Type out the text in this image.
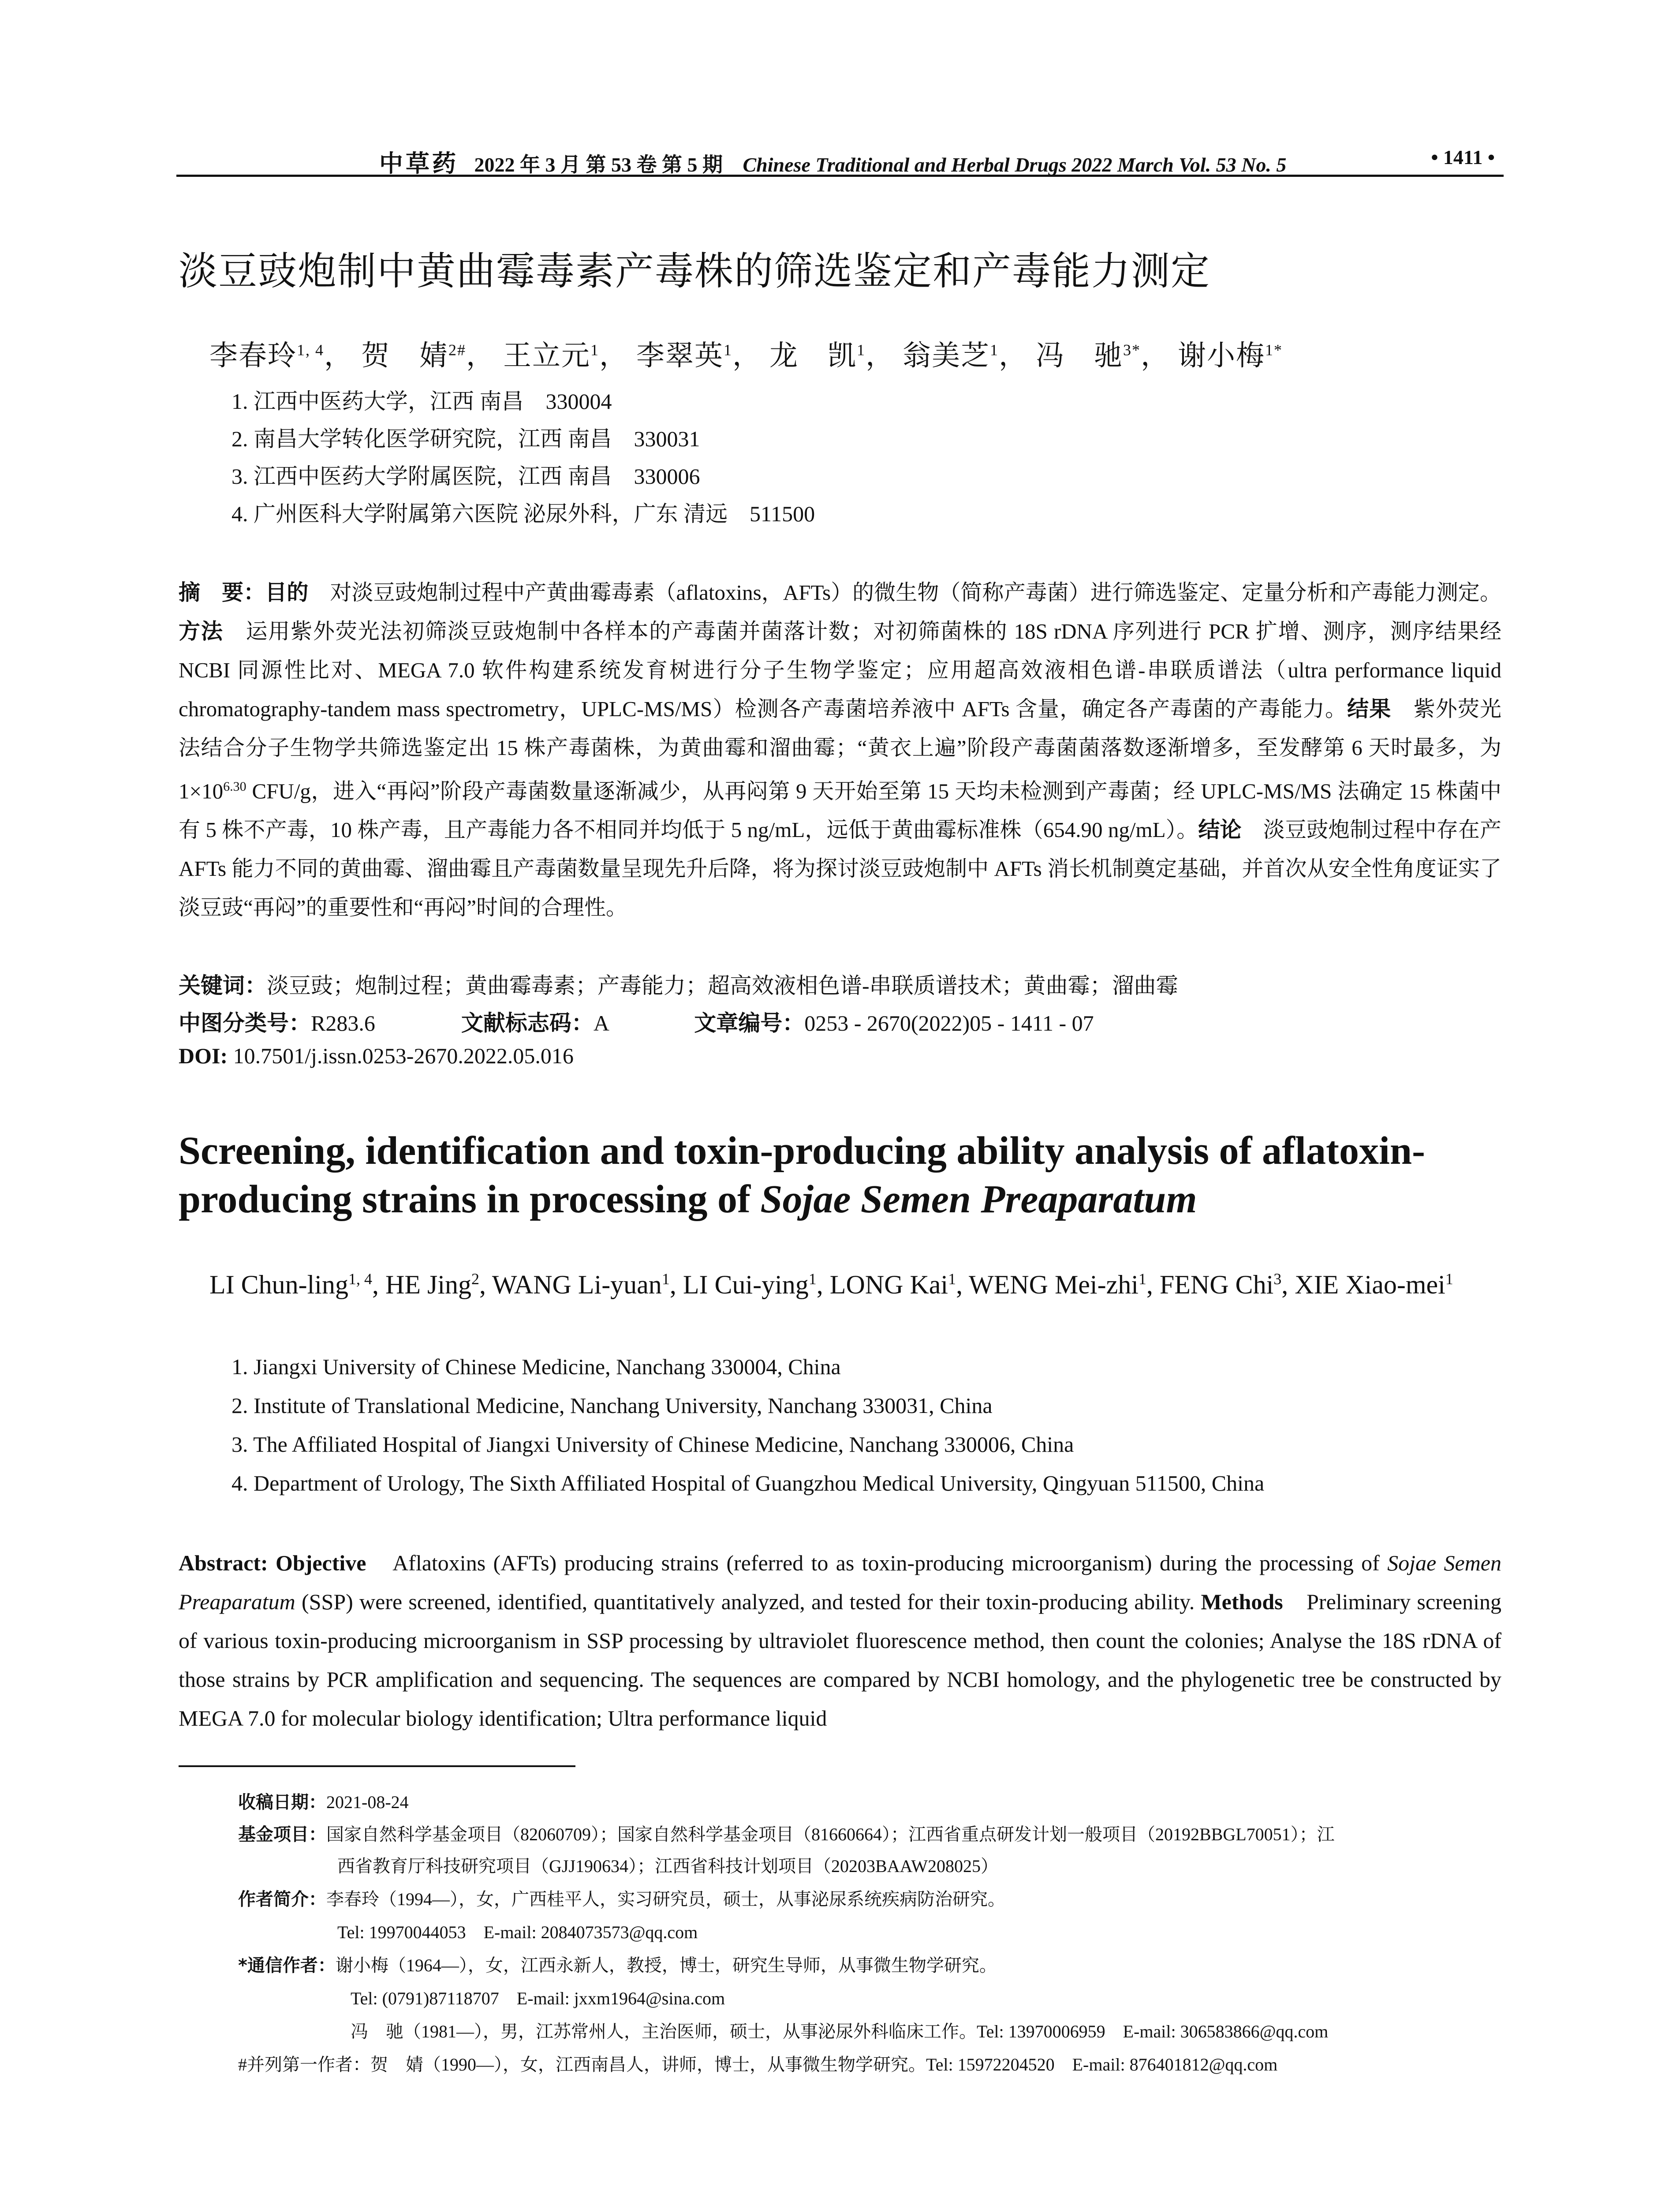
中草药 2022 年 3 月 第 53 卷 第 5 期 Chinese Traditional and Herbal Drugs 2022 March Vol. 53 No. 5	• 1411 •
淡豆豉炮制中黄曲霉毒素产毒株的筛选鉴定和产毒能力测定
李春玲$^{1, 4}$， 贺　婧$^{2\#}$， 王立元$^1$， 李翠英$^1$， 龙　凯$^1$， 翁美芝$^1$， 冯　驰$^{3*}$， 谢小梅$^{1*}$
1. 江西中医药大学，江西 南昌　330004
2. 南昌大学转化医学研究院，江西 南昌　330031
3. 江西中医药大学附属医院，江西 南昌　330006
4. 广州医科大学附属第六医院 泌尿外科，广东 清远　511500
摘　要：目的　对淡豆豉炮制过程中产黄曲霉毒素（aflatoxins，AFTs）的微生物（简称产毒菌）进行筛选鉴定、定量分析和产毒能力测定。方法　运用紫外荧光法初筛淡豆豉炮制中各样本的产毒菌并菌落计数；对初筛菌株的 18S rDNA 序列进行 PCR 扩增、测序，测序结果经 NCBI 同源性比对、MEGA 7.0 软件构建系统发育树进行分子生物学鉴定；应用超高效液相色谱-串联质谱法（ultra performance liquid chromatography-tandem mass spectrometry，UPLC-MS/MS）检测各产毒菌培养液中 AFTs 含量，确定各产毒菌的产毒能力。结果　紫外荧光法结合分子生物学共筛选鉴定出 15 株产毒菌株，为黄曲霉和溜曲霉；“黄衣上遍”阶段产毒菌菌落数逐渐增多，至发酵第 6 天时最多，为 $1\times 10^{6.30}$ CFU/g，进入“再闷”阶段产毒菌数量逐渐减少，从再闷第 9 天开始至第 15 天均未检测到产毒菌；经 UPLC-MS/MS 法确定 15 株菌中有 5 株不产毒，10 株产毒，且产毒能力各不相同并均低于 5 ng/mL，远低于黄曲霉标准株（654.90 ng/mL）。结论　淡豆豉炮制过程中存在产 AFTs 能力不同的黄曲霉、溜曲霉且产毒菌数量呈现先升后降，将为探讨淡豆豉炮制中 AFTs 消长机制奠定基础，并首次从安全性角度证实了淡豆豉“再闷”的重要性和“再闷”时间的合理性。
关键词：淡豆豉；炮制过程；黄曲霉毒素；产毒能力；超高效液相色谱-串联质谱技术；黄曲霉；溜曲霉
中图分类号：R283.6	文献标志码：A	文章编号：0253 - 2670(2022)05 - 1411 - 07
DOI: 10.7501/j.issn.0253-2670.2022.05.016
Screening, identification and toxin-producing ability analysis of aflatoxin-producing strains in processing of Sojae Semen Preaparatum
LI Chun-ling$^{1, 4}$, HE Jing$^2$, WANG Li-yuan$^1$, LI Cui-ying$^1$, LONG Kai$^1$, WENG Mei-zhi$^1$, FENG Chi$^3$, XIE Xiao-mei$^1$
1. Jiangxi University of Chinese Medicine, Nanchang 330004, China
2. Institute of Translational Medicine, Nanchang University, Nanchang 330031, China
3. The Affiliated Hospital of Jiangxi University of Chinese Medicine, Nanchang 330006, China
4. Department of Urology, The Sixth Affiliated Hospital of Guangzhou Medical University, Qingyuan 511500, China
Abstract: Objective　Aflatoxins (AFTs) producing strains (referred to as toxin-producing microorganism) during the processing of Sojae Semen Preaparatum (SSP) were screened, identified, quantitatively analyzed, and tested for their toxin-producing ability. Methods　Preliminary screening of various toxin-producing microorganism in SSP processing by ultraviolet fluorescence method, then count the colonies; Analyse the 18S rDNA of those strains by PCR amplification and sequencing. The sequences are compared by NCBI homology, and the phylogenetic tree be constructed by MEGA 7.0 for molecular biology identification; Ultra performance liquid
收稿日期：2021-08-24
基金项目：国家自然科学基金项目（82060709）；国家自然科学基金项目（81660664）；江西省重点研发计划一般项目（20192BBGL70051）；江
西省教育厅科技研究项目（GJJ190634）；江西省科技计划项目（20203BAAW208025）
作者简介：李春玲（1994—），女，广西桂平人，实习研究员，硕士，从事泌尿系统疾病防治研究。
Tel: 19970044053　E-mail: 2084073573@qq.com
*通信作者：谢小梅（1964—），女，江西永新人，教授，博士，研究生导师，从事微生物学研究。
Tel: (0791)87118707　E-mail: jxxm1964@sina.com
冯　驰（1981—），男，江苏常州人，主治医师，硕士，从事泌尿外科临床工作。Tel: 13970006959　E-mail: 306583866@qq.com
#并列第一作者：贺　婧（1990—），女，江西南昌人，讲师，博士，从事微生物学研究。Tel: 15972204520　E-mail: 876401812@qq.com
